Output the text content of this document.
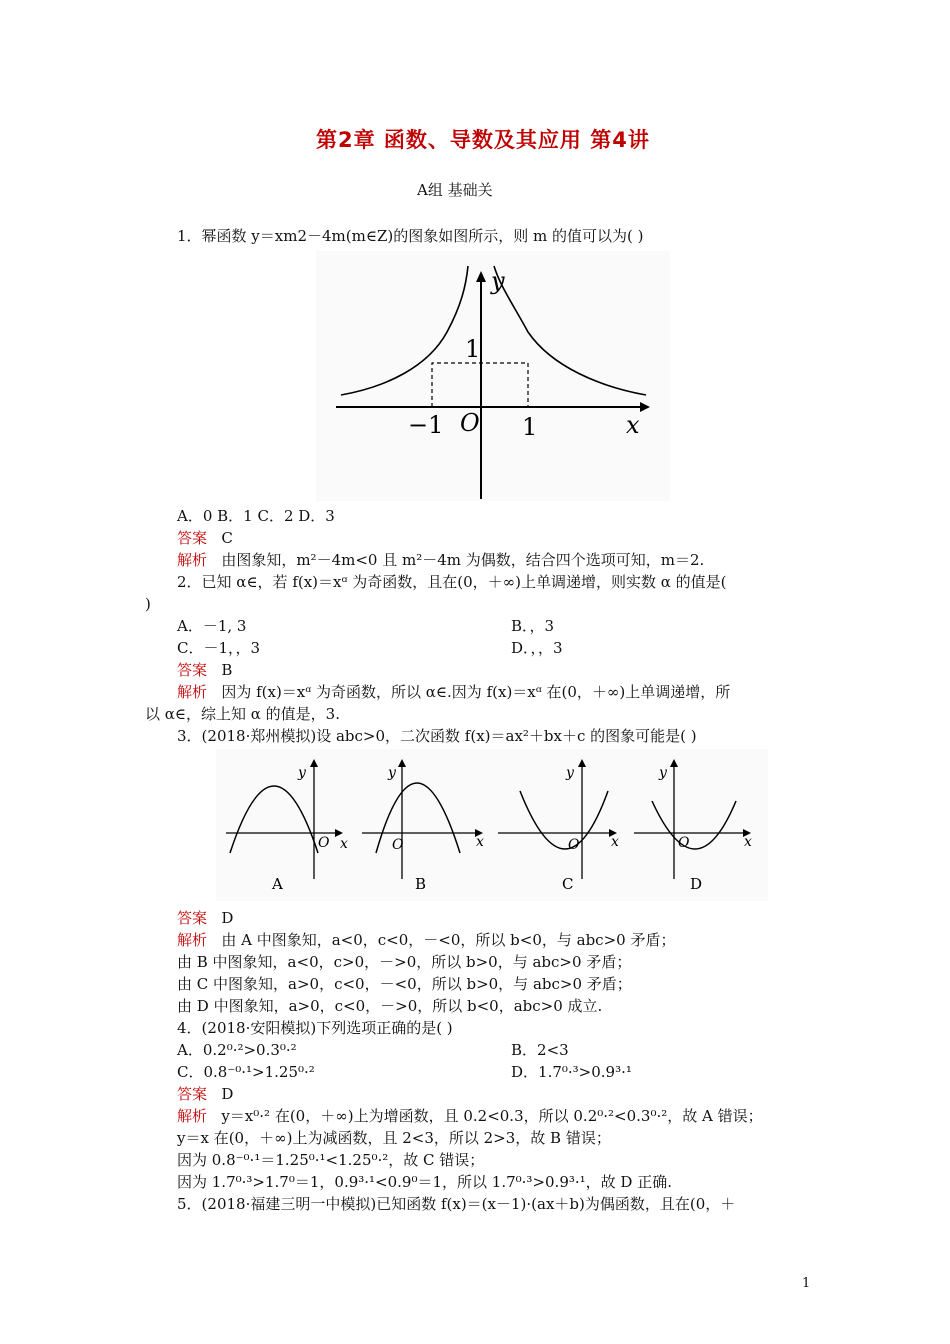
第2章 函数、导数及其应用 第4讲
A组 基础关
1．幂函数 y＝xm2－4m(m∈Z)的图象如图所示，则 m 的值可以为( )
y
x
O
1
−1	1
A．0 B．1 C．2 D．3
答案 C
解析 由图象知，m²－4m<0 且 m²－4m 为偶数，结合四个选项可知，m＝2.
2．已知 α∈，若 f(x)＝xᵅ 为奇函数，且在(0，＋∞)上单调递增，则实数 α 的值是(
)
A．－1, 3	B．，3
C．－1，，3	D．，，3
答案 B
解析 因为 f(x)＝xᵅ 为奇函数，所以 α∈.因为 f(x)＝xᵅ 在(0，＋∞)上单调递增，所
以 α∈，综上知 α 的值是，3.
3．(2018·郑州模拟)设 abc>0，二次函数 f(x)＝ax²＋bx＋c 的图象可能是( )
O x
y
A
O	x
y
B
O x
y
C
O	x
y
D
答案 D
解析 由 A 中图象知，a<0，c<0，－<0，所以 b<0，与 abc>0 矛盾；
由 B 中图象知，a<0，c>0，－>0，所以 b>0，与 abc>0 矛盾；
由 C 中图象知，a>0，c<0，－<0，所以 b>0，与 abc>0 矛盾；
由 D 中图象知，a>0，c<0，－>0，所以 b<0，abc>0 成立.
4．(2018·安阳模拟)下列选项正确的是( )
A．0.2⁰·²>0.3⁰·²	B．2<3
C．0.8⁻⁰·¹>1.25⁰·²	D．1.7⁰·³>0.9³·¹
答案 D
解析 y＝x⁰·² 在(0，＋∞)上为增函数，且 0.2<0.3，所以 0.2⁰·²<0.3⁰·²，故 A 错误；
y＝x 在(0，＋∞)上为减函数，且 2<3，所以 2>3，故 B 错误；
因为 0.8⁻⁰·¹＝1.25⁰·¹<1.25⁰·²，故 C 错误；
因为 1.7⁰·³>1.7⁰＝1，0.9³·¹<0.9⁰＝1，所以 1.7⁰·³>0.9³·¹，故 D 正确.
5．(2018·福建三明一中模拟)已知函数 f(x)＝(x－1)·(ax＋b)为偶函数，且在(0，＋
1
